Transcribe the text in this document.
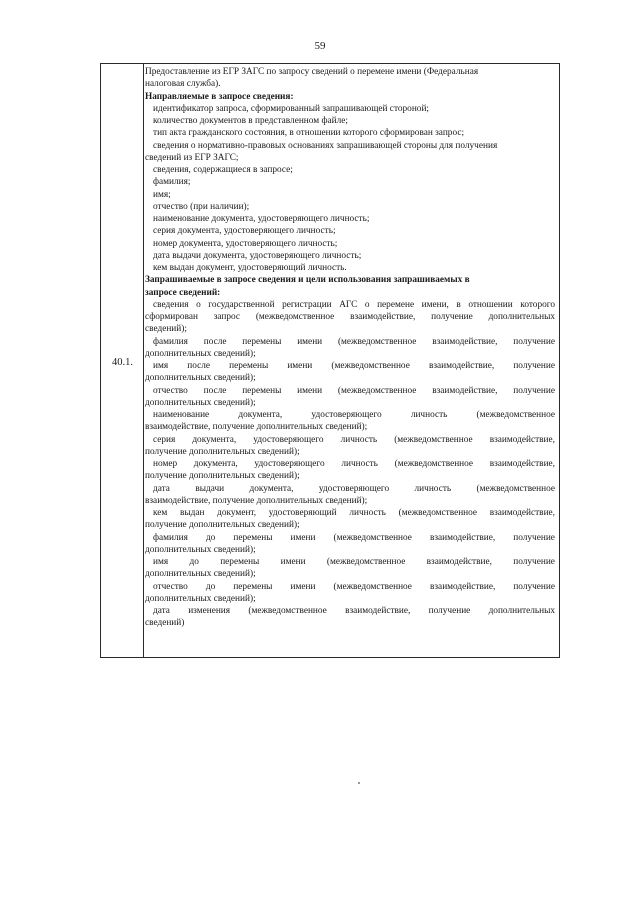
59
40.1.
Предоставление из ЕГР ЗАГС по запросу сведений о перемене имени (Федеральная
налоговая служба).
Направляемые в запросе сведения:
идентификатор запроса, сформированный запрашивающей стороной;
количество документов в представленном файле;
тип акта гражданского состояния, в отношении которого сформирован запрос;
сведения о нормативно-правовых основаниях запрашивающей стороны для получения
сведений из ЕГР ЗАГС;
сведения, содержащиеся в запросе;
фамилия;
имя;
отчество (при наличии);
наименование документа, удостоверяющего личность;
серия документа, удостоверяющего личность;
номер документа, удостоверяющего личность;
дата выдачи документа, удостоверяющего личность;
кем выдан документ, удостоверяющий личность.
Запрашиваемые в запросе сведения и цели использования запрашиваемых в
запросе сведений:
сведения о государственной регистрации АГС о перемене имени, в отношении которого
сформирован запрос (межведомственное взаимодействие, получение дополнительных
сведений);
фамилия после перемены имени (межведомственное взаимодействие, получение
дополнительных сведений);
имя после перемены имени (межведомственное взаимодействие, получение
дополнительных сведений);
отчество после перемены имени (межведомственное взаимодействие, получение
дополнительных сведений);
наименование	документа,	удостоверяющего	личность	(межведомственное
взаимодействие, получение дополнительных сведений);
серия документа, удостоверяющего личность (межведомственное взаимодействие,
получение дополнительных сведений);
номер документа, удостоверяющего личность (межведомственное взаимодействие,
получение дополнительных сведений);
дата	выдачи	документа,	удостоверяющего	личность	(межведомственное
взаимодействие, получение дополнительных сведений);
кем выдан документ, удостоверяющий личность (межведомственное взаимодействие,
получение дополнительных сведений);
фамилия до перемены имени (межведомственное взаимодействие, получение
дополнительных сведений);
имя до перемены имени (межведомственное взаимодействие, получение
дополнительных сведений);
отчество до перемены имени (межведомственное взаимодействие, получение
дополнительных сведений);
дата изменения (межведомственное взаимодействие, получение дополнительных
сведений)
